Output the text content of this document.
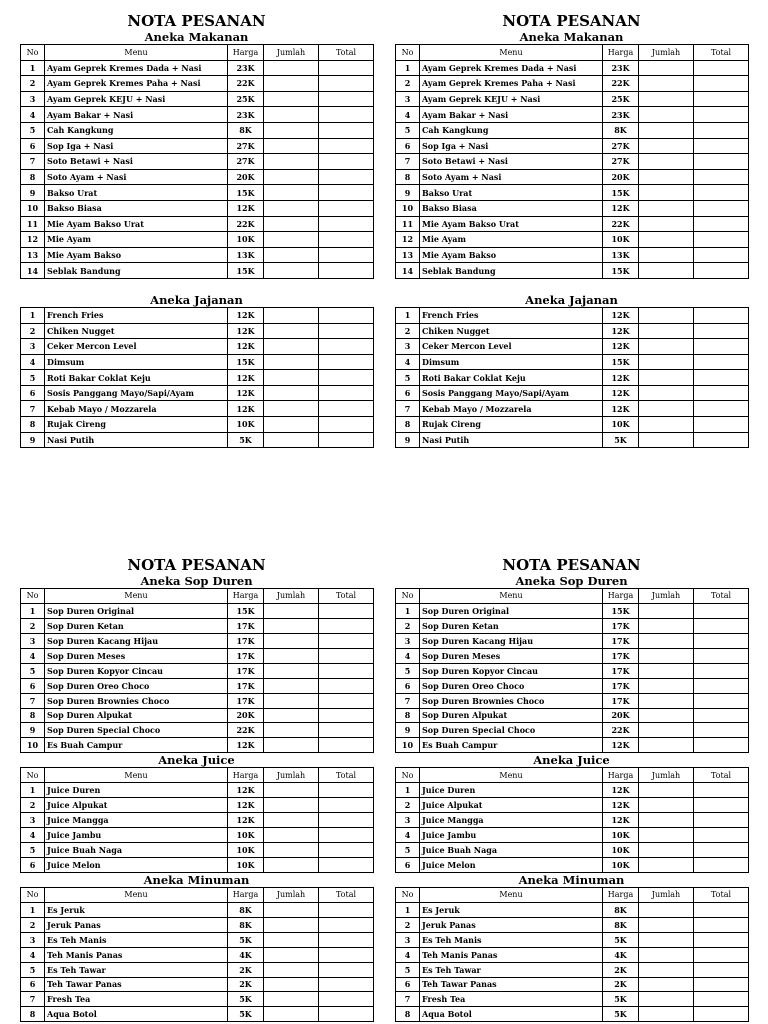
NOTA PESANAN
Aneka Makanan
No	Menu	Harga	Jumlah	Total
1	Ayam Geprek Kremes Dada + Nasi	23K		
2	Ayam Geprek Kremes Paha + Nasi	22K		
3	Ayam Geprek KEJU + Nasi	25K		
4	Ayam Bakar + Nasi	23K		
5	Cah Kangkung	8K		
6	Sop Iga + Nasi	27K		
7	Soto Betawi + Nasi	27K		
8	Soto Ayam + Nasi	20K		
9	Bakso Urat	15K		
10	Bakso Biasa	12K		
11	Mie Ayam Bakso Urat	22K		
12	Mie Ayam	10K		
13	Mie Ayam Bakso	13K		
14	Seblak Bandung	15K		
Aneka Jajanan
1	French Fries	12K		
2	Chiken Nugget	12K		
3	Ceker Mercon Level	12K		
4	Dimsum	15K		
5	Roti Bakar Coklat Keju	12K		
6	Sosis Panggang Mayo/Sapi/Ayam	12K		
7	Kebab Mayo / Mozzarela	12K		
8	Rujak Cireng	10K		
9	Nasi Putih	5K		
NOTA PESANAN
Aneka Makanan
No	Menu	Harga	Jumlah	Total
1	Ayam Geprek Kremes Dada + Nasi	23K		
2	Ayam Geprek Kremes Paha + Nasi	22K		
3	Ayam Geprek KEJU + Nasi	25K		
4	Ayam Bakar + Nasi	23K		
5	Cah Kangkung	8K		
6	Sop Iga + Nasi	27K		
7	Soto Betawi + Nasi	27K		
8	Soto Ayam + Nasi	20K		
9	Bakso Urat	15K		
10	Bakso Biasa	12K		
11	Mie Ayam Bakso Urat	22K		
12	Mie Ayam	10K		
13	Mie Ayam Bakso	13K		
14	Seblak Bandung	15K		
Aneka Jajanan
1	French Fries	12K		
2	Chiken Nugget	12K		
3	Ceker Mercon Level	12K		
4	Dimsum	15K		
5	Roti Bakar Coklat Keju	12K		
6	Sosis Panggang Mayo/Sapi/Ayam	12K		
7	Kebab Mayo / Mozzarela	12K		
8	Rujak Cireng	10K		
9	Nasi Putih	5K		
NOTA PESANAN
Aneka Sop Duren
No	Menu	Harga	Jumlah	Total
1	Sop Duren Original	15K		
2	Sop Duren Ketan	17K		
3	Sop Duren Kacang Hijau	17K		
4	Sop Duren Meses	17K		
5	Sop Duren Kopyor Cincau	17K		
6	Sop Duren Oreo Choco	17K		
7	Sop Duren Brownies Choco	17K		
8	Sop Duren Alpukat	20K		
9	Sop Duren Special Choco	22K		
10	Es Buah Campur	12K		
Aneka Juice
No	Menu	Harga	Jumlah	Total
1	Juice Duren	12K		
2	Juice Alpukat	12K		
3	Juice Mangga	12K		
4	Juice Jambu	10K		
5	Juice Buah Naga	10K		
6	Juice Melon	10K		
Aneka Minuman
No	Menu	Harga	Jumlah	Total
1	Es Jeruk	8K		
2	Jeruk Panas	8K		
3	Es Teh Manis	5K		
4	Teh Manis Panas	4K		
5	Es Teh Tawar	2K		
6	Teh Tawar Panas	2K		
7	Fresh Tea	5K		
8	Aqua Botol	5K		
NOTA PESANAN
Aneka Sop Duren
No	Menu	Harga	Jumlah	Total
1	Sop Duren Original	15K		
2	Sop Duren Ketan	17K		
3	Sop Duren Kacang Hijau	17K		
4	Sop Duren Meses	17K		
5	Sop Duren Kopyor Cincau	17K		
6	Sop Duren Oreo Choco	17K		
7	Sop Duren Brownies Choco	17K		
8	Sop Duren Alpukat	20K		
9	Sop Duren Special Choco	22K		
10	Es Buah Campur	12K		
Aneka Juice
No	Menu	Harga	Jumlah	Total
1	Juice Duren	12K		
2	Juice Alpukat	12K		
3	Juice Mangga	12K		
4	Juice Jambu	10K		
5	Juice Buah Naga	10K		
6	Juice Melon	10K		
Aneka Minuman
No	Menu	Harga	Jumlah	Total
1	Es Jeruk	8K		
2	Jeruk Panas	8K		
3	Es Teh Manis	5K		
4	Teh Manis Panas	4K		
5	Es Teh Tawar	2K		
6	Teh Tawar Panas	2K		
7	Fresh Tea	5K		
8	Aqua Botol	5K		
